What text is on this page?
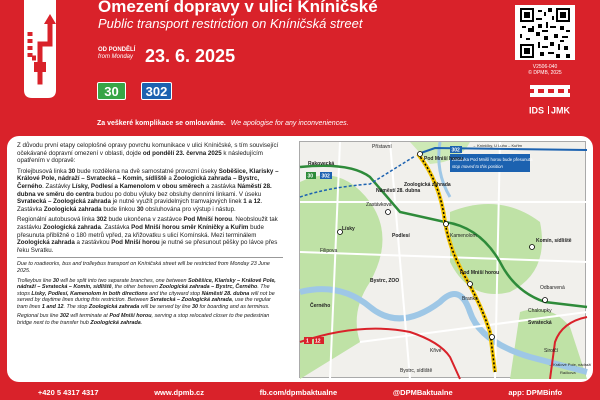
Omezení dopravy v ulici Kníničské
Public transport restriction on Kníničská street
OD PONDĚLÍ
from Monday 23. 6. 2025
30	302
Za veškeré komplikace se omlouváme. We apologise for any inconveniences.
V2506-040
© DPMB, 2025
IDS JMK

Z důvodu první etapy celoplošné opravy povrchu komunikace v ulici Kníničské, s tím související očekávané dopravní omezení v oblasti, dojde od pondělí 23. června 2025 k následujícím opatřením v dopravě:

Trolejbusová linka 30 bude rozdělena na dvě samostatné provozní úseky Soběšice, Klarisky – Králové Pole, nádraží – Svratecká – Komín, sídliště a Zoologická zahrada – Bystrc, Černého. Zastávky Lísky, Podlesí a Kamenolom v obou směrech a zastávka Náměstí 28. dubna ve směru do centra budou po dobu výluky bez obsluhy denními linkami. V úseku Svratecká – Zoologická zahrada je nutné využít pravidelných tramvajových linek 1 a 12. Zastávka Zoologická zahrada bude linkou 30 obsluhována pro výstup i nástup.

Regionální autobusová linka 302 bude ukončena v zastávce Pod Mniší horou. Neobsloužit tak zastávku Zoologická zahrada. Zastávka Pod Mniší horou směr Kníničky a Kuřim bude přesunuta přibližně o 180 metrů vpřed, za křižovatku s ulicí Komínská. Mezi terminálem Zoologická zahrada a zastávkou Pod Mniší horou je nutné se přesunout pěšky po lávce přes řeku Svratku.

Due to roadworks, bus and trolleybus transport on Kníničská street will be restricted from Monday 23 June 2025.

Trolleybus line 30 will be split into two separate branches, one between Soběšice, Klarisky – Králové Pole, nádraží – Svratecká – Komín, sídliště, the other between Zoologická zahrada – Bystrc, Černého. The stops Lísky, Podlesí, Kamenolom in both directions and the cityward stop Náměstí 28. dubna will not be served by daytime lines during this restriction. Between Svratecká – Zoologická zahrada, use the regular tram lines 1 and 12. The stop Zoologická zahrada will be served by line 30 for boarding and as terminus.

Regional bus line 302 will terminate at Pod Mniší horou, serving a stop relocated closer to the pedestrian bridge next to the transfer hub Zoologická zahrada.

zastávka Pod Mniší horou bude přesunuta
stop moved to this position
30 302
302
1 12
Rakovecká
Přístavní	→ Kníničky, U Luhu – Kuřim
Pod Mniší horou
Náměstí 28. dubna
Zoologická zahrada
Zastávková
Lísky
Podlesí
Filipova
Černého
Bystrc, ZOO
Kamenolom
Komín, sídliště
Pod Mniší horou
Branka
Chaloupky
Svratecká
Odbarvená
Sirotčí
→ Králové Pole, nádraží
Račkova
Bystrc, sídliště
Křivé
+420 5 4317 4317	www.dpmb.cz	fb.com/dpmbaktualne	@DPMBaktualne	app: DPMBinfo
